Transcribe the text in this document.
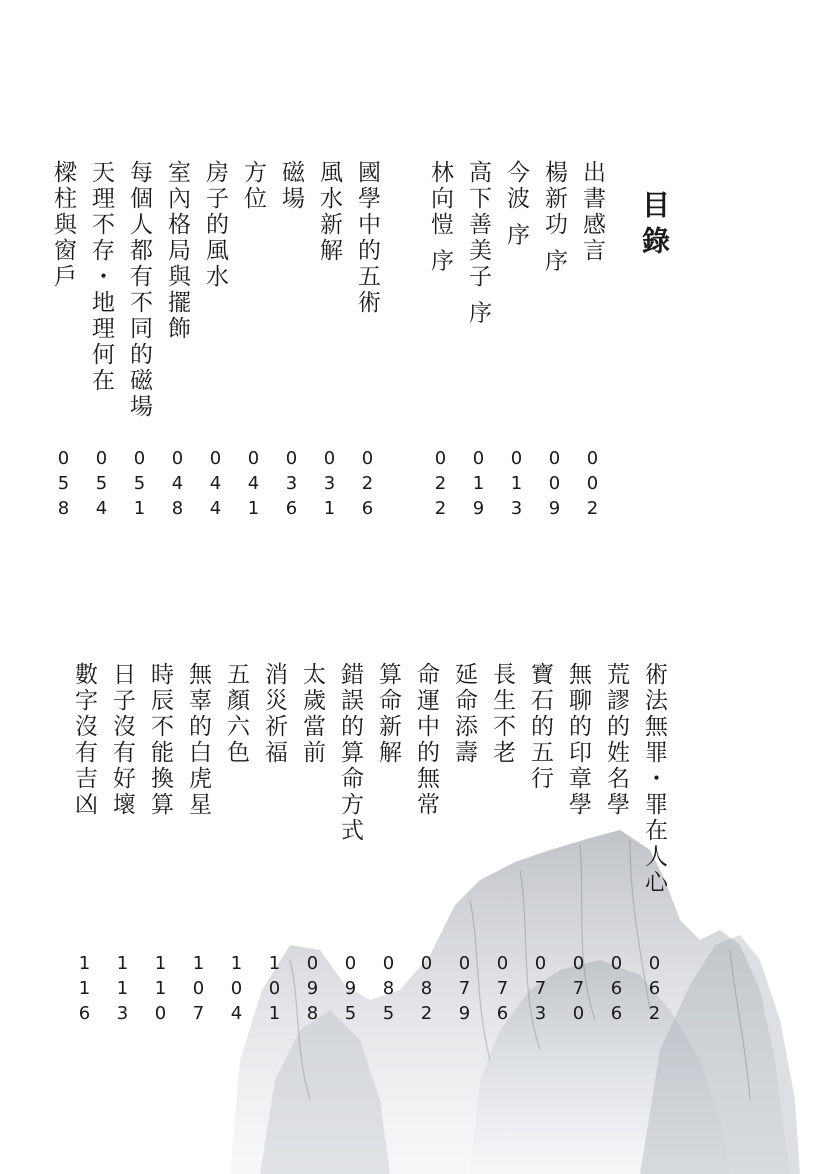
目錄
出書感言
002
楊新功 序
009
今波 序
013
高下善美子 序
019
林向愷 序
022
國學中的五術
026
風水新解
031
磁場
036
方位
041
房子的風水
044
室內格局與擺飾
048
每個人都有不同的磁場
051
天理不存・地理何在
054
樑柱與窗戶
058
術法無罪・罪在人心
062
荒謬的姓名學
066
無聊的印章學
070
寶石的五行
073
長生不老
076
延命添壽
079
命運中的無常
082
算命新解
085
錯誤的算命方式
095
太歲當前
098
消災祈福
101
五顏六色
104
無辜的白虎星
107
時辰不能換算
110
日子沒有好壞
113
數字沒有吉凶
116
